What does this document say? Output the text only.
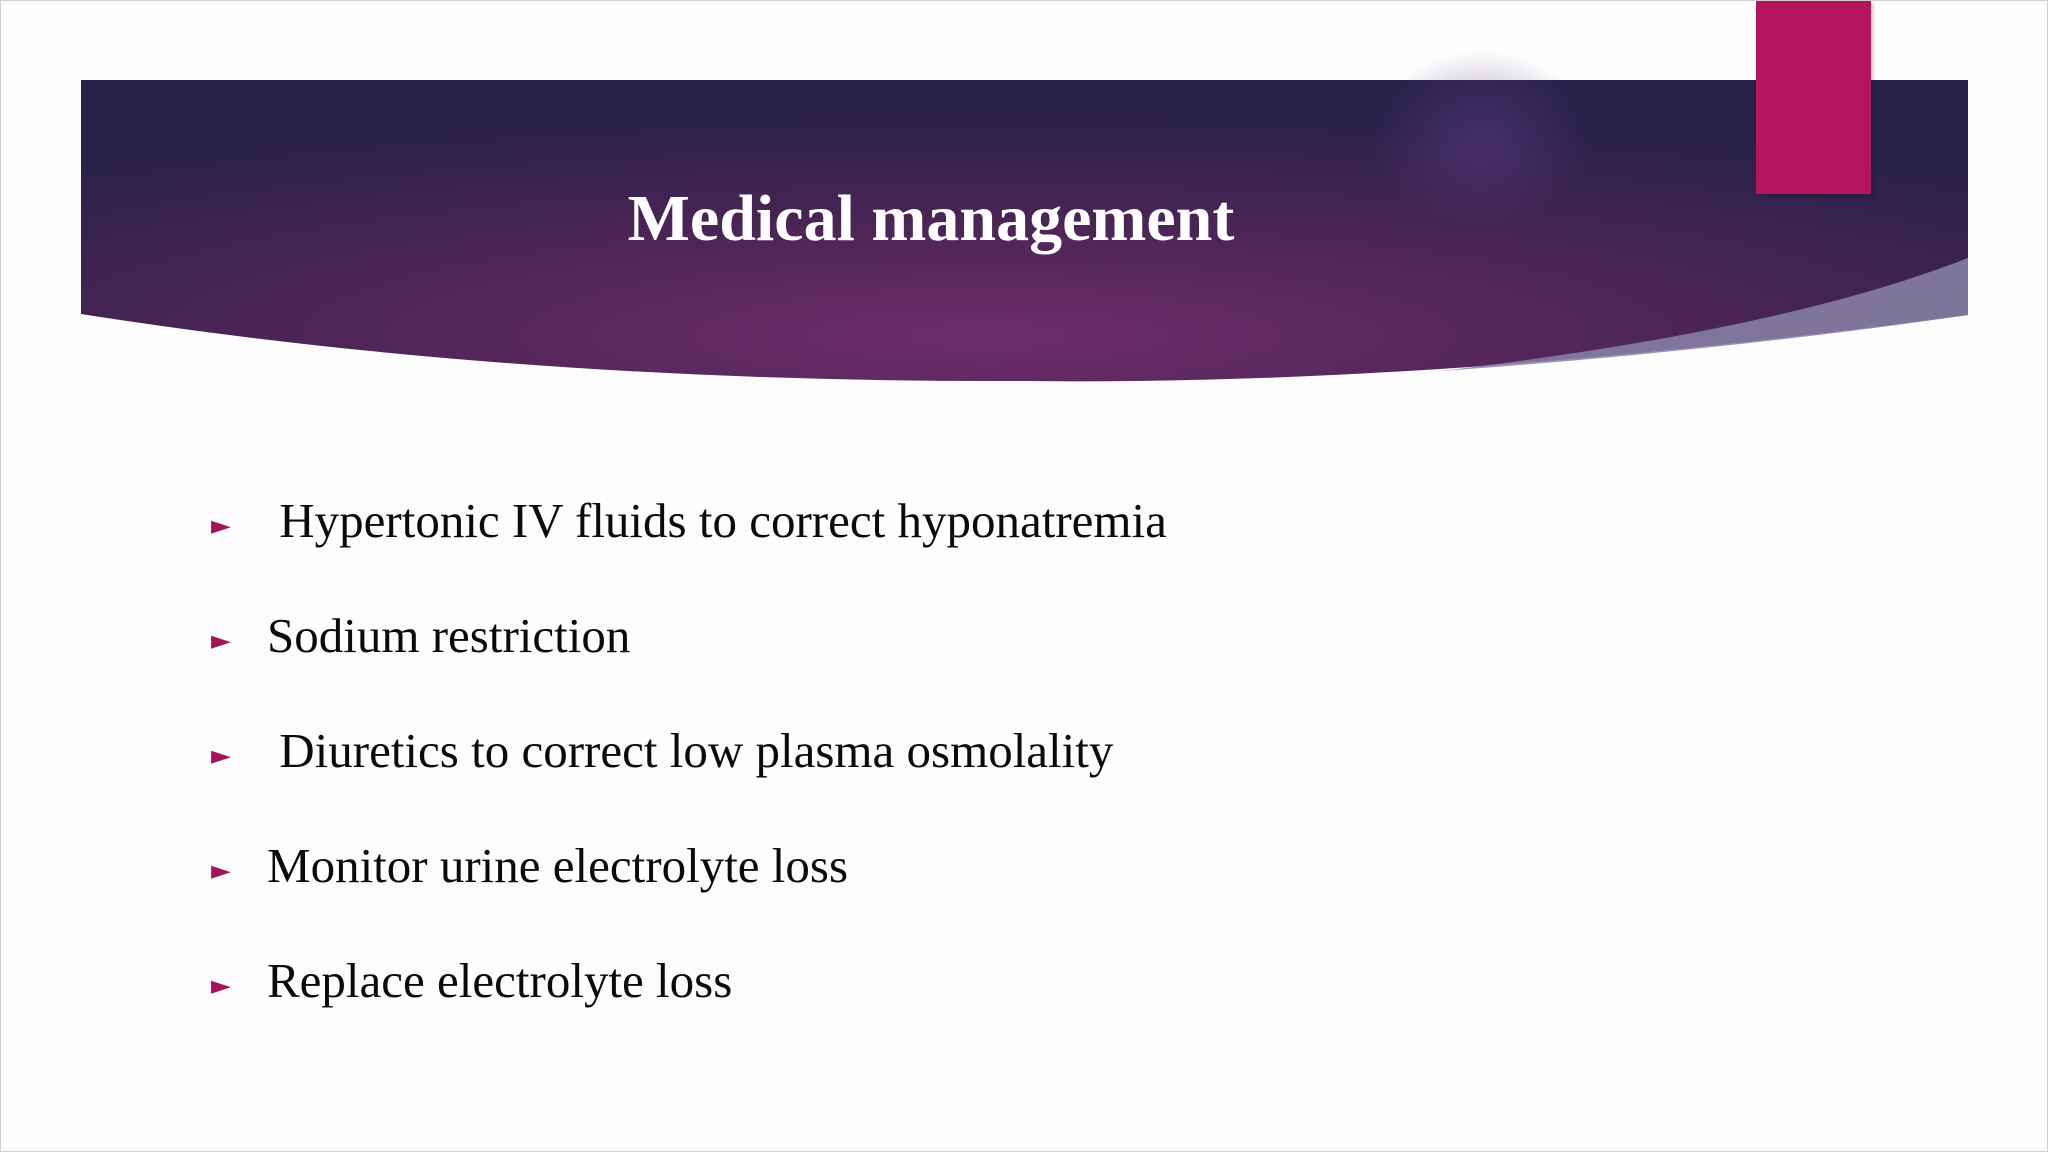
Medical management
► Hypertonic IV fluids to correct hyponatremia
► Sodium restriction
► Diuretics to correct low plasma osmolality
► Monitor urine electrolyte loss
► Replace electrolyte loss
